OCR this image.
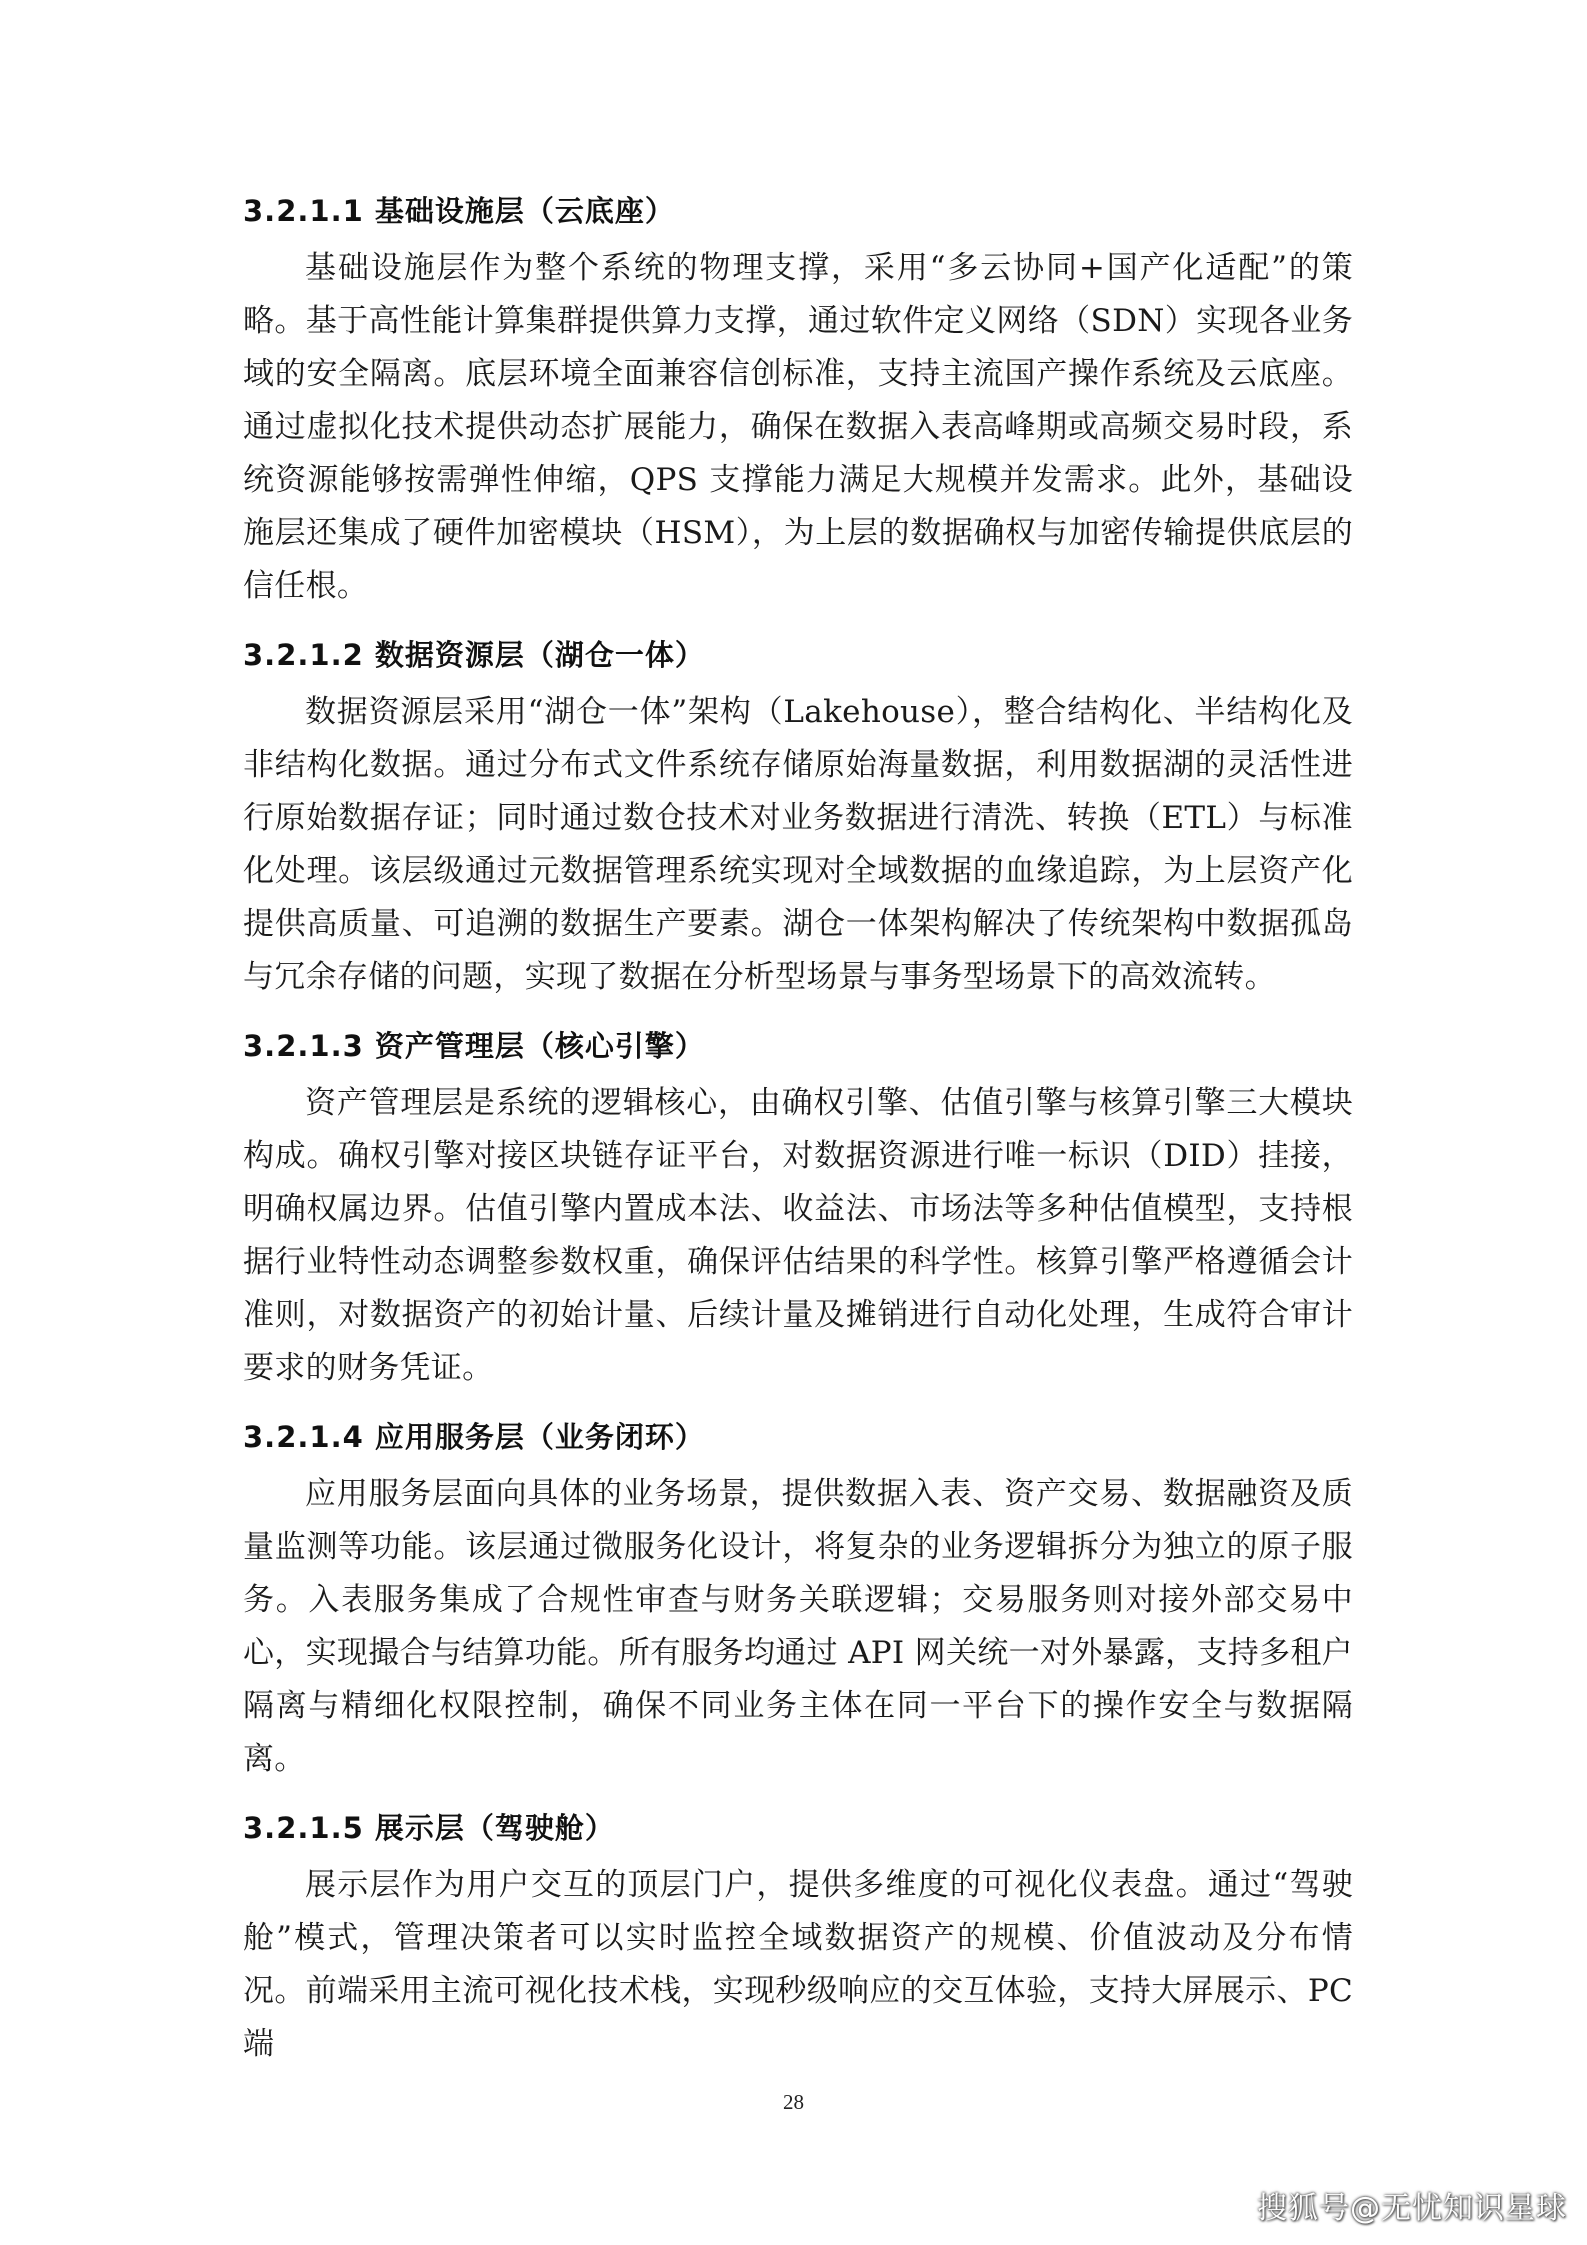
3.2.1.1 基础设施层（云底座）

基础设施层作为整个系统的物理支撑，采用“多云协同+国产化适配”的策略。基于高性能计算集群提供算力支撑，通过软件定义网络（SDN）实现各业务域的安全隔离。底层环境全面兼容信创标准，支持主流国产操作系统及云底座。通过虚拟化技术提供动态扩展能力，确保在数据入表高峰期或高频交易时段，系统资源能够按需弹性伸缩，QPS 支撑能力满足大规模并发需求。此外，基础设施层还集成了硬件加密模块（HSM），为上层的数据确权与加密传输提供底层的信任根。

3.2.1.2 数据资源层（湖仓一体）

数据资源层采用“湖仓一体”架构（Lakehouse），整合结构化、半结构化及非结构化数据。通过分布式文件系统存储原始海量数据，利用数据湖的灵活性进行原始数据存证；同时通过数仓技术对业务数据进行清洗、转换（ETL）与标准化处理。该层级通过元数据管理系统实现对全域数据的血缘追踪，为上层资产化提供高质量、可追溯的数据生产要素。湖仓一体架构解决了传统架构中数据孤岛与冗余存储的问题，实现了数据在分析型场景与事务型场景下的高效流转。

3.2.1.3 资产管理层（核心引擎）

资产管理层是系统的逻辑核心，由确权引擎、估值引擎与核算引擎三大模块构成。确权引擎对接区块链存证平台，对数据资源进行唯一标识（DID）挂接，明确权属边界。估值引擎内置成本法、收益法、市场法等多种估值模型，支持根据行业特性动态调整参数权重，确保评估结果的科学性。核算引擎严格遵循会计准则，对数据资产的初始计量、后续计量及摊销进行自动化处理，生成符合审计要求的财务凭证。

3.2.1.4 应用服务层（业务闭环）

应用服务层面向具体的业务场景，提供数据入表、资产交易、数据融资及质量监测等功能。该层通过微服务化设计，将复杂的业务逻辑拆分为独立的原子服务。入表服务集成了合规性审查与财务关联逻辑；交易服务则对接外部交易中心，实现撮合与结算功能。所有服务均通过 API 网关统一对外暴露，支持多租户隔离与精细化权限控制，确保不同业务主体在同一平台下的操作安全与数据隔离。

3.2.1.5 展示层（驾驶舱）

展示层作为用户交互的顶层门户，提供多维度的可视化仪表盘。通过“驾驶舱”模式，管理决策者可以实时监控全域数据资产的规模、价值波动及分布情况。前端采用主流可视化技术栈，实现秒级响应的交互体验，支持大屏展示、PC 端

28
搜狐号@无忧知识星球
